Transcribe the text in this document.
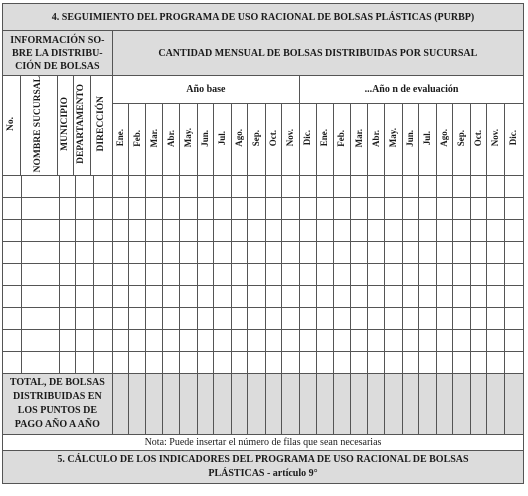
4. SEGUIMIENTO DEL PROGRAMA DE USO RACIONAL DE BOLSAS PLÁSTICAS (PURBP)
INFORMACIÓN SO- BRE LA DISTRIBU- CIÓN DE BOLSAS	CANTIDAD MENSUAL DE BOLSAS DISTRIBUIDAS POR SUCURSAL

No.	NOMBRE SUCURSAL	MUNICIPIO	DEPARTAMENTO	DIRECCIÓN
	Año base	...Año n de evaluación
Ene.	Feb.	Mar.	Abr.	May.	Jun.	Jul.	Ago.	Sep.	Oct.	Nov.	Dic.	Ene.	Feb.	Mar.	Abr.	May.	Jun.	Jul.	Ago.	Sep.	Oct.	Nov.	Dic.

TOTAL, DE BOLSAS DISTRIBUIDAS EN LOS PUNTOS DE PAGO AÑO A AÑO																								
Nota: Puede insertar el número de filas que sean necesarias

5. CÁLCULO DE LOS INDICADORES DEL PROGRAMA DE USO RACIONAL DE BOLSAS
PLÁSTICAS - artículo 9°
